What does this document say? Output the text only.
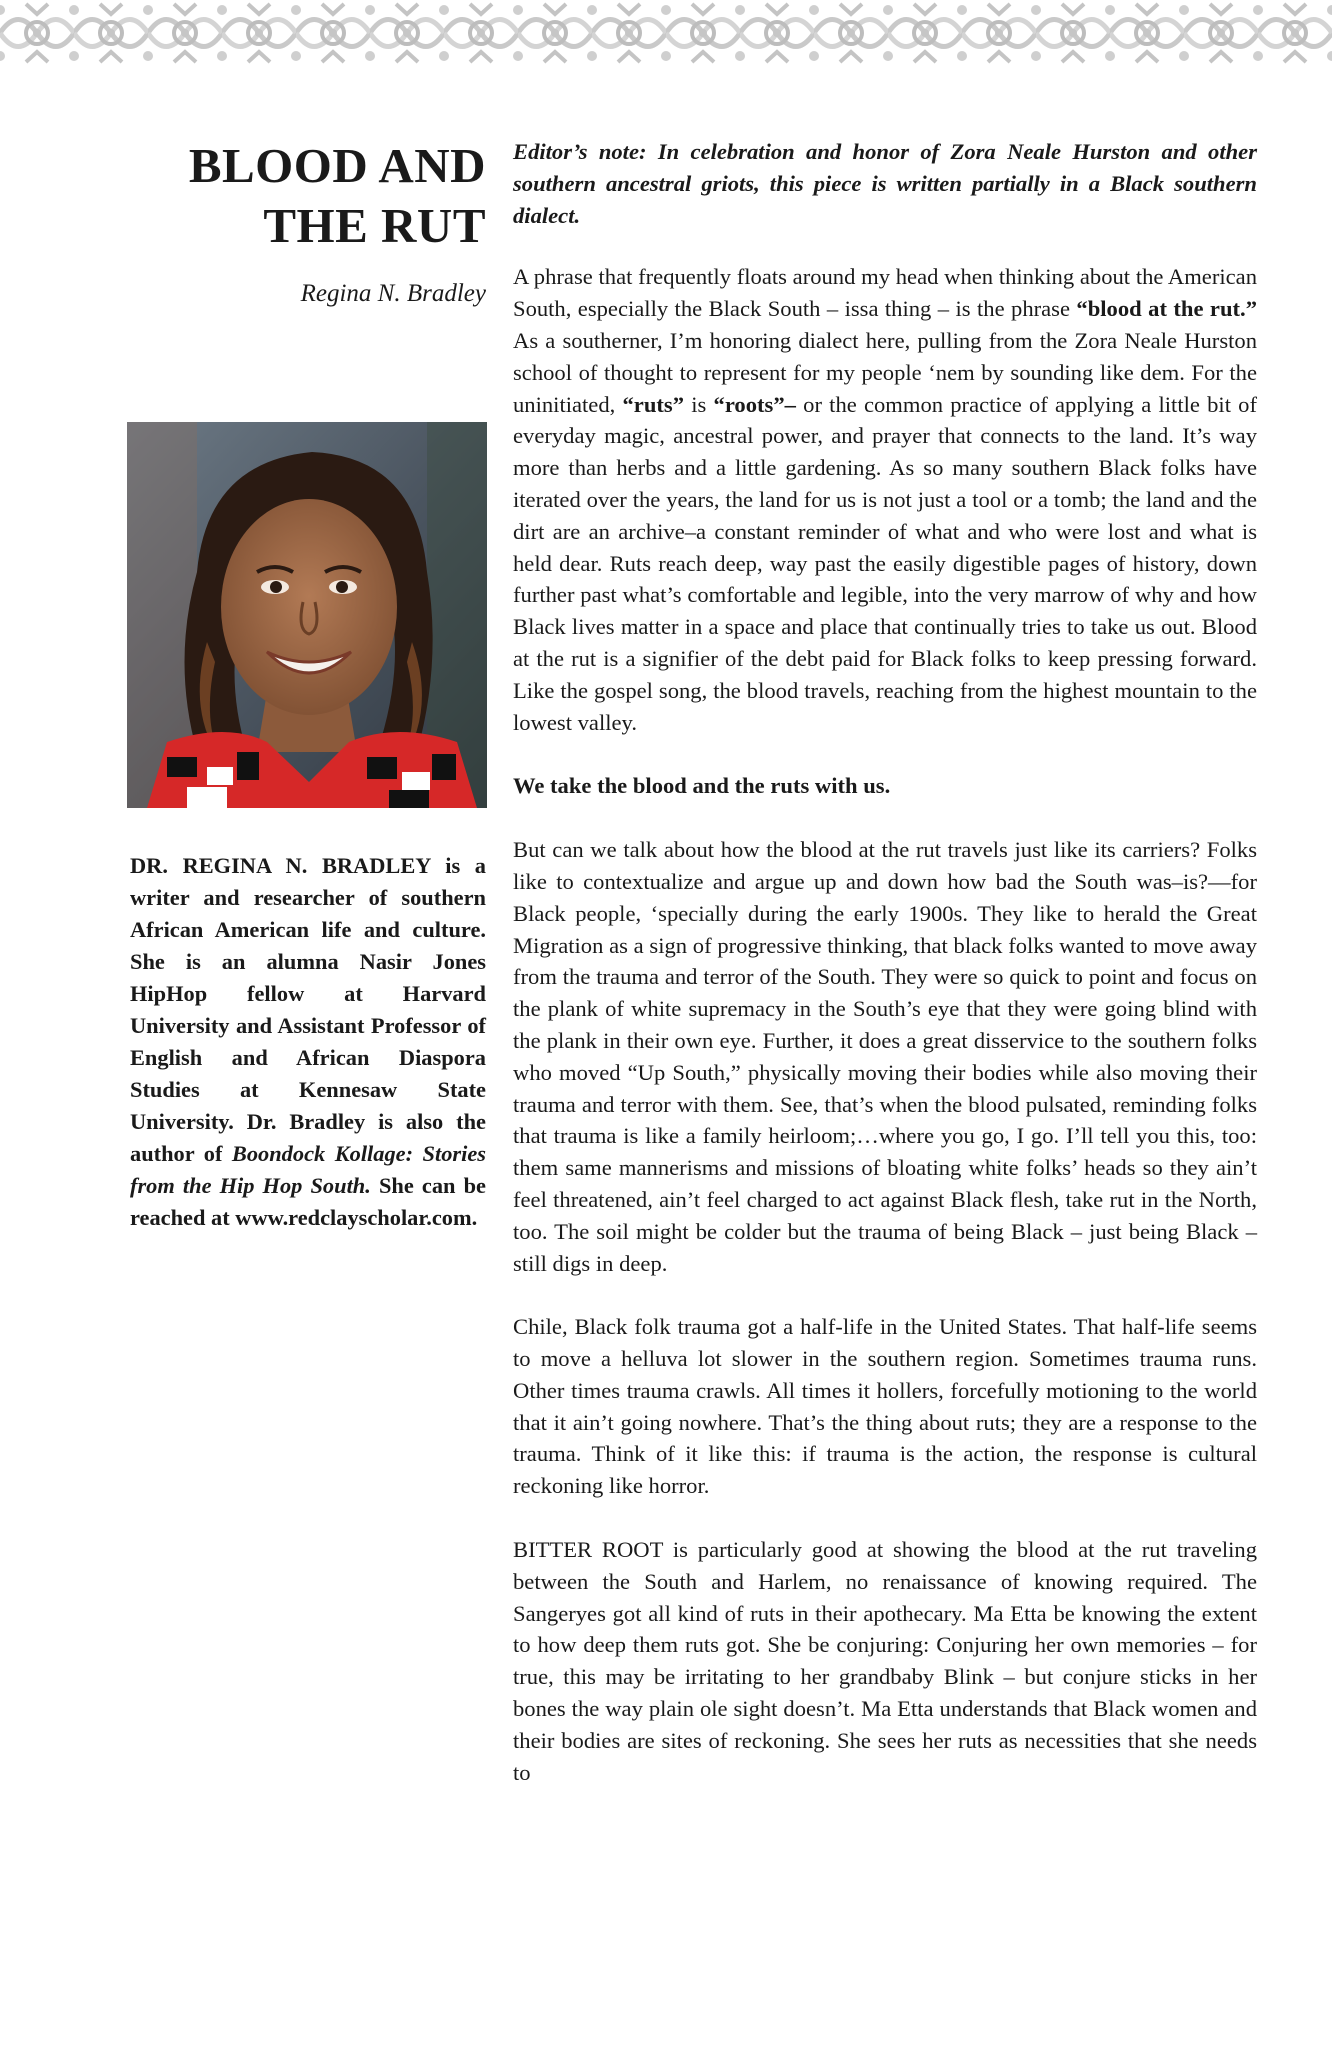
BLOOD AND
THE RUT
Regina N. Bradley
DR. REGINA N. BRADLEY is a writer and researcher of southern African American life and culture. She is an alumna Nasir Jones HipHop fellow at Harvard University and Assistant Professor of English and African Diaspora Studies at Kennesaw State University. Dr. Bradley is also the author of Boondock Kollage: Stories from the Hip Hop South. She can be reached at www.redclayscholar.com.

Editor’s note: In celebration and honor of Zora Neale Hurston and other southern ancestral griots, this piece is written partially in a Black southern dialect.

A phrase that frequently floats around my head when thinking about the American South, especially the Black South – issa thing – is the phrase “blood at the rut.” As a southerner, I’m honoring dialect here, pulling from the Zora Neale Hurston school of thought to represent for my people ‘nem by sounding like dem. For the uninitiated, “ruts” is “roots”– or the common practice of applying a little bit of everyday magic, ancestral power, and prayer that connects to the land. It’s way more than herbs and a little gardening. As so many southern Black folks have iterated over the years, the land for us is not just a tool or a tomb; the land and the dirt are an archive–a constant reminder of what and who were lost and what is held dear. Ruts reach deep, way past the easily digestible pages of history, down further past what’s comfortable and legible, into the very marrow of why and how Black lives matter in a space and place that continually tries to take us out. Blood at the rut is a signifier of the debt paid for Black folks to keep pressing forward. Like the gospel song, the blood travels, reaching from the highest mountain to the lowest valley.

We take the blood and the ruts with us.

But can we talk about how the blood at the rut travels just like its carriers? Folks like to contextualize and argue up and down how bad the South was–is?—for Black people, ‘specially during the early 1900s. They like to herald the Great Migration as a sign of progressive thinking, that black folks wanted to move away from the trauma and terror of the South. They were so quick to point and focus on the plank of white supremacy in the South’s eye that they were going blind with the plank in their own eye. Further, it does a great disservice to the southern folks who moved “Up South,” physically moving their bodies while also moving their trauma and terror with them. See, that’s when the blood pulsated, reminding folks that trauma is like a family heirloom;…where you go, I go. I’ll tell you this, too: them same mannerisms and missions of bloating white folks’ heads so they ain’t feel threatened, ain’t feel charged to act against Black flesh, take rut in the North, too. The soil might be colder but the trauma of being Black – just being Black – still digs in deep.

Chile, Black folk trauma got a half-life in the United States. That half-life seems to move a helluva lot slower in the southern region. Sometimes trauma runs. Other times trauma crawls. All times it hollers, forcefully motioning to the world that it ain’t going nowhere. That’s the thing about ruts; they are a response to the trauma. Think of it like this: if trauma is the action, the response is cultural reckoning like horror.

BITTER ROOT is particularly good at showing the blood at the rut traveling between the South and Harlem, no renaissance of knowing required. The Sangeryes got all kind of ruts in their apothecary. Ma Etta be knowing the extent to how deep them ruts got. She be conjuring: Conjuring her own memories – for true, this may be irritating to her grandbaby Blink – but conjure sticks in her bones the way plain ole sight doesn’t. Ma Etta understands that Black women and their bodies are sites of reckoning. She sees her ruts as necessities that she needs to
